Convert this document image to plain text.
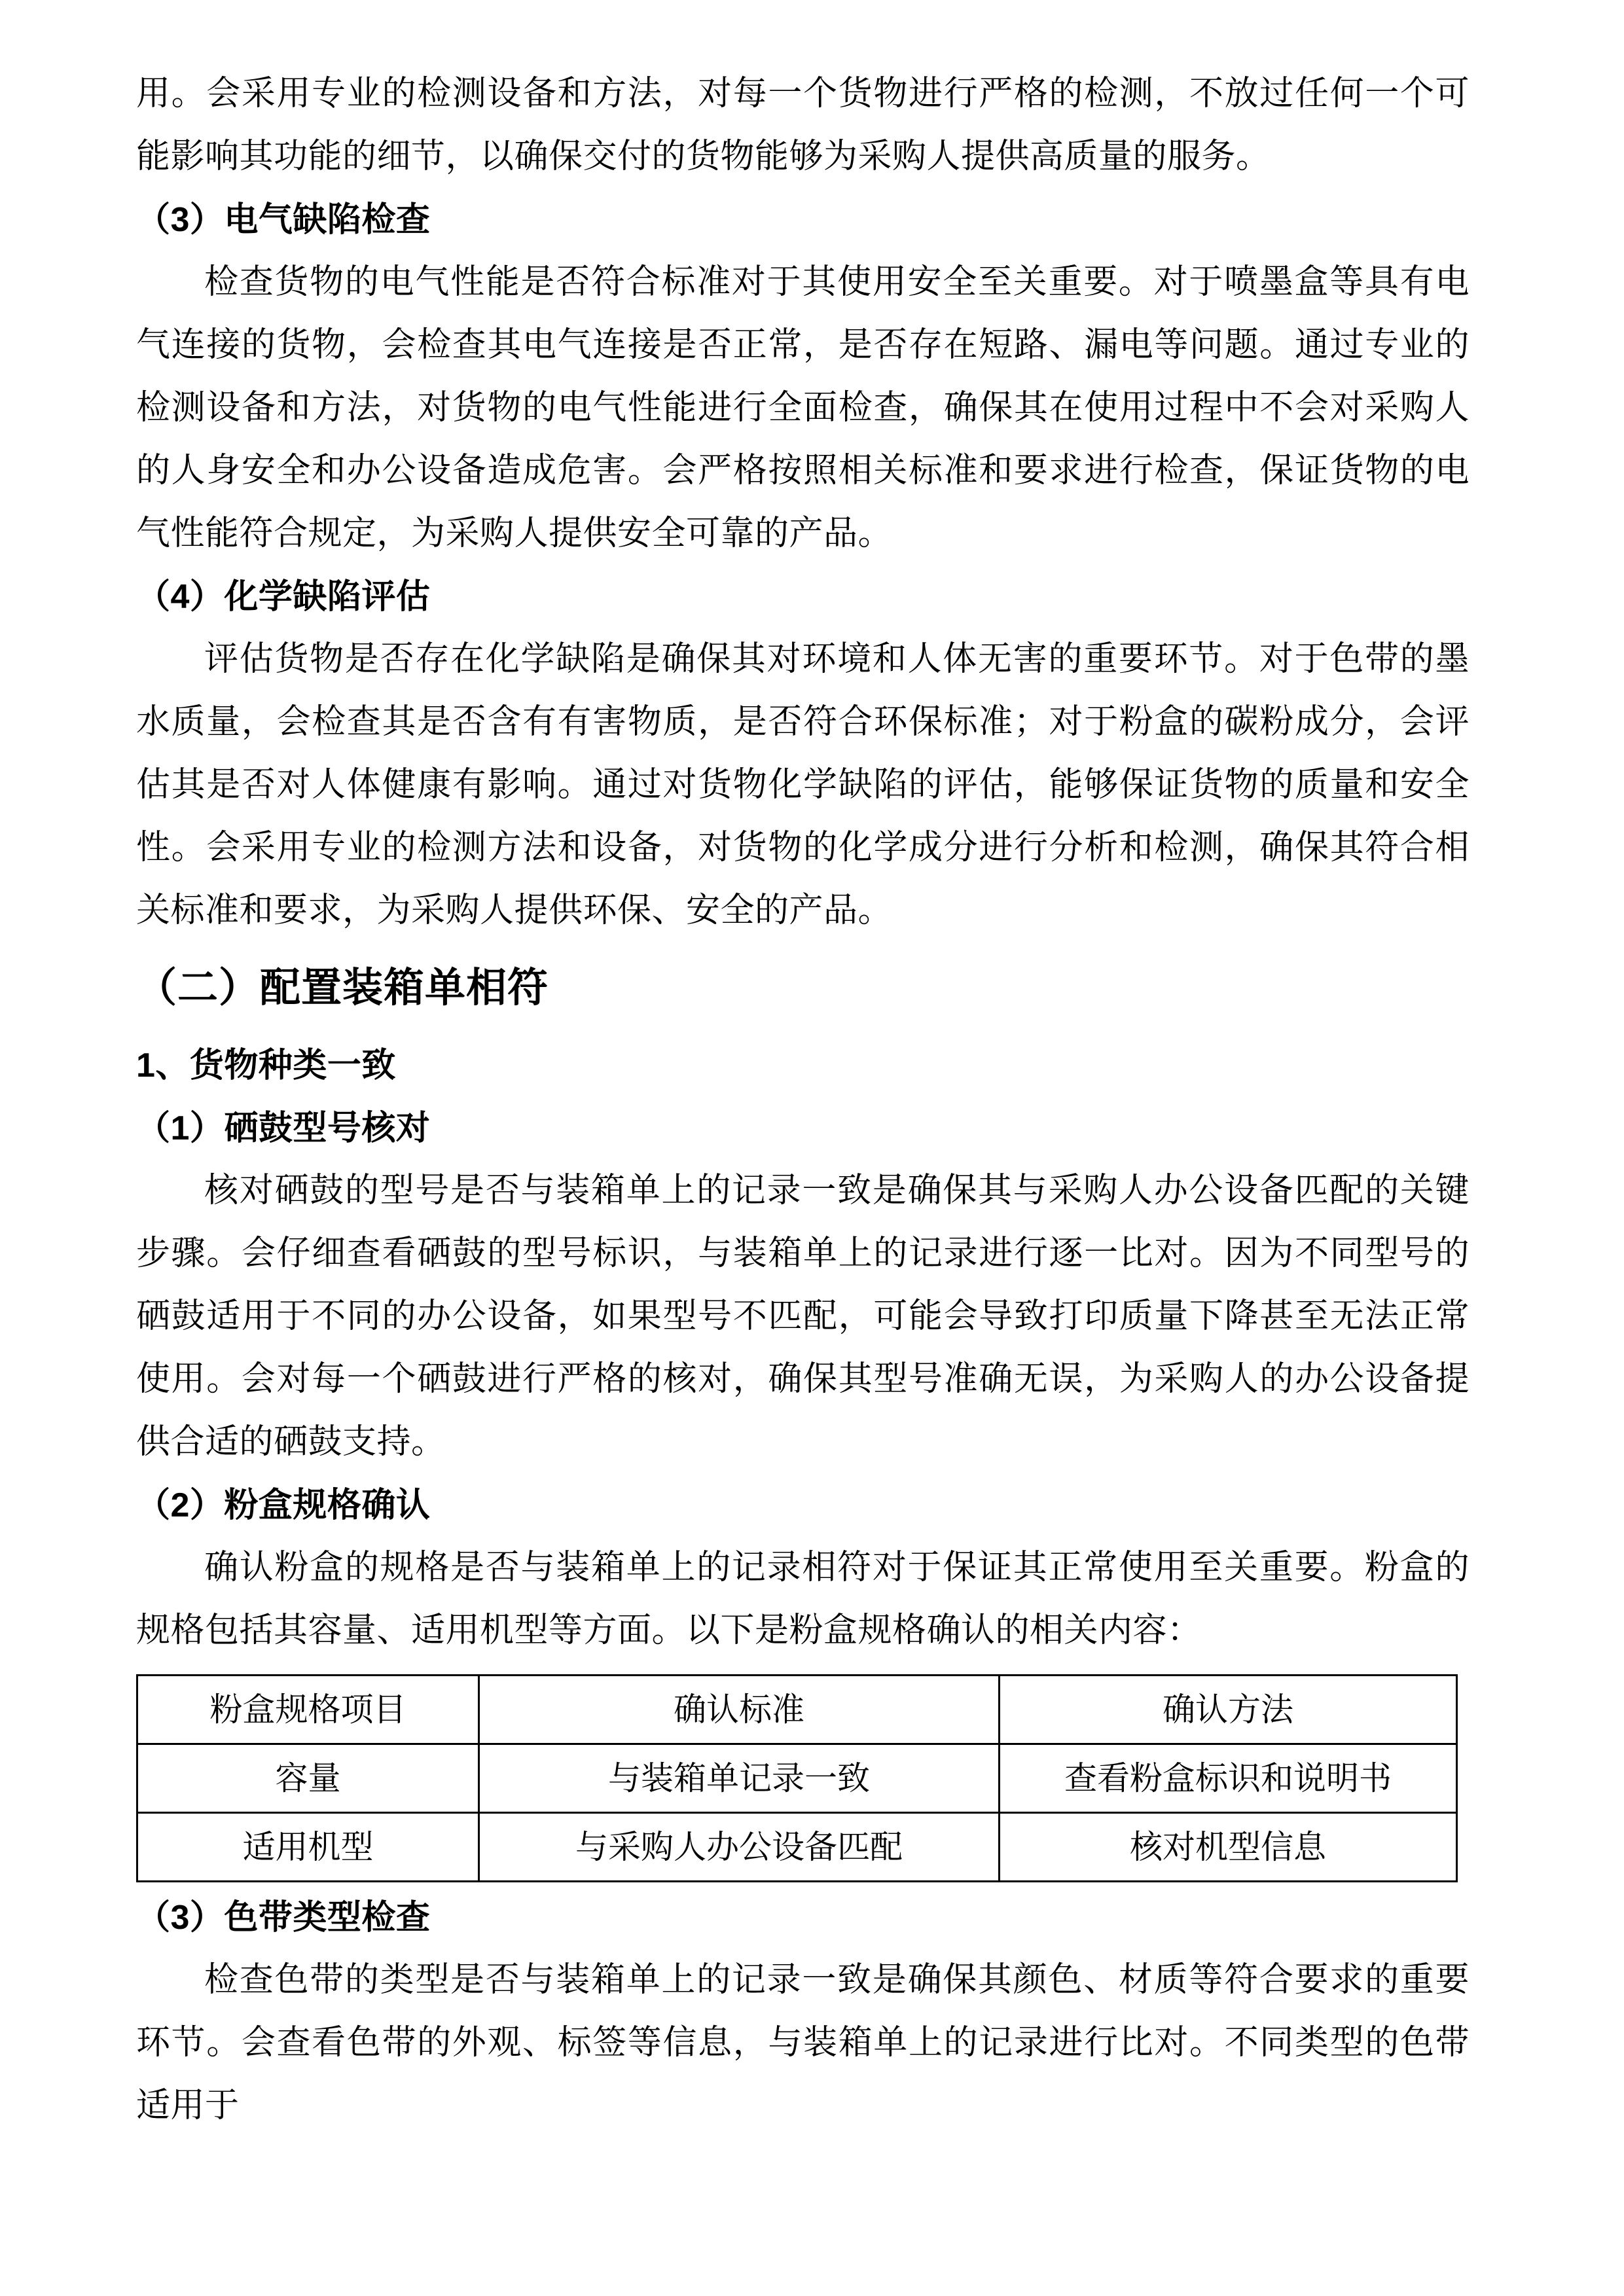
用。会采用专业的检测设备和方法，对每一个货物进行严格的检测，不放过任何一个可能影响其功能的细节，以确保交付的货物能够为采购人提供高质量的服务。

（3）电气缺陷检查

检查货物的电气性能是否符合标准对于其使用安全至关重要。对于喷墨盒等具有电气连接的货物，会检查其电气连接是否正常，是否存在短路、漏电等问题。通过专业的检测设备和方法，对货物的电气性能进行全面检查，确保其在使用过程中不会对采购人的人身安全和办公设备造成危害。会严格按照相关标准和要求进行检查，保证货物的电气性能符合规定，为采购人提供安全可靠的产品。

（4）化学缺陷评估

评估货物是否存在化学缺陷是确保其对环境和人体无害的重要环节。对于色带的墨水质量，会检查其是否含有有害物质，是否符合环保标准；对于粉盒的碳粉成分，会评估其是否对人体健康有影响。通过对货物化学缺陷的评估，能够保证货物的质量和安全性。会采用专业的检测方法和设备，对货物的化学成分进行分析和检测，确保其符合相关标准和要求，为采购人提供环保、安全的产品。

（二）配置装箱单相符
1、货物种类一致
（1）硒鼓型号核对

核对硒鼓的型号是否与装箱单上的记录一致是确保其与采购人办公设备匹配的关键步骤。会仔细查看硒鼓的型号标识，与装箱单上的记录进行逐一比对。因为不同型号的硒鼓适用于不同的办公设备，如果型号不匹配，可能会导致打印质量下降甚至无法正常使用。会对每一个硒鼓进行严格的核对，确保其型号准确无误，为采购人的办公设备提供合适的硒鼓支持。

（2）粉盒规格确认

确认粉盒的规格是否与装箱单上的记录相符对于保证其正常使用至关重要。粉盒的规格包括其容量、适用机型等方面。以下是粉盒规格确认的相关内容：

粉盒规格项目	确认标准	确认方法
容量	与装箱单记录一致	查看粉盒标识和说明书
适用机型	与采购人办公设备匹配	核对机型信息
（3）色带类型检查

检查色带的类型是否与装箱单上的记录一致是确保其颜色、材质等符合要求的重要环节。会查看色带的外观、标签等信息，与装箱单上的记录进行比对。不同类型的色带适用于
